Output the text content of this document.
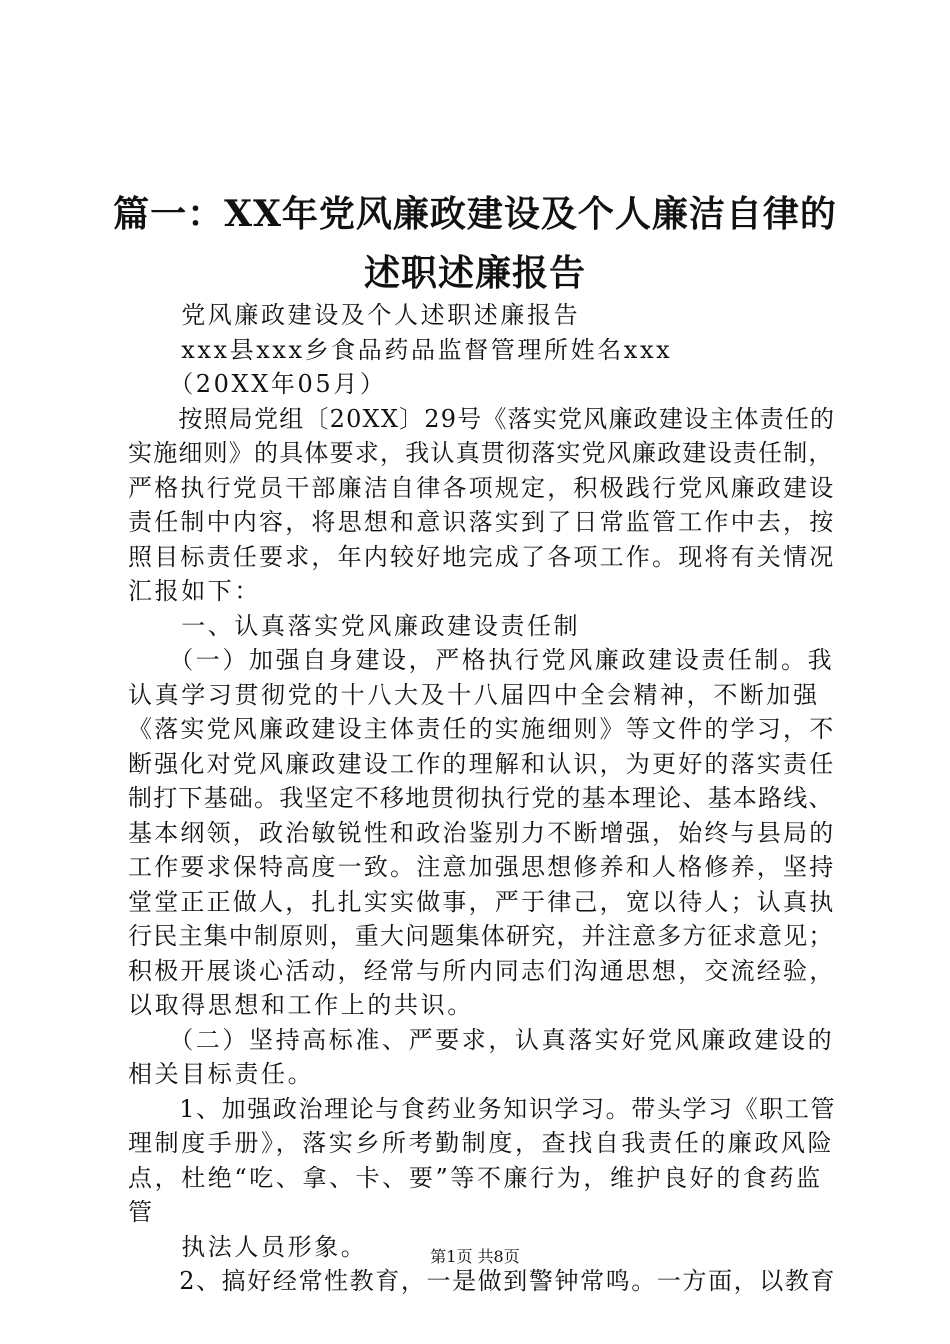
篇一：XX年党风廉政建设及个人廉洁自律的
述职述廉报告
　　党风廉政建设及个人述职述廉报告
　　xxx县xxx乡食品药品监督管理所姓名xxx
　　（20XX年05月）
　　按照局党组〔20XX〕29号《落实党风廉政建设主体责任的
实施细则》的具体要求，我认真贯彻落实党风廉政建设责任制，
严格执行党员干部廉洁自律各项规定，积极践行党风廉政建设
责任制中内容，将思想和意识落实到了日常监管工作中去，按
照目标责任要求，年内较好地完成了各项工作。现将有关情况
汇报如下：
　　一、认真落实党风廉政建设责任制
　　（一）加强自身建设，严格执行党风廉政建设责任制。我
认真学习贯彻党的十八大及十八届四中全会精神，不断加强
《落实党风廉政建设主体责任的实施细则》等文件的学习，不
断强化对党风廉政建设工作的理解和认识，为更好的落实责任
制打下基础。我坚定不移地贯彻执行党的基本理论、基本路线、
基本纲领，政治敏锐性和政治鉴别力不断增强，始终与县局的
工作要求保特高度一致。注意加强思想修养和人格修养，坚持
堂堂正正做人，扎扎实实做事，严于律己，宽以待人；认真执
行民主集中制原则，重大问题集体研究，并注意多方征求意见；
积极开展谈心活动，经常与所内同志们沟通思想，交流经验，
以取得思想和工作上的共识。
　　（二）坚持高标准、严要求，认真落实好党风廉政建设的
相关目标责任。
　　1、加强政治理论与食药业务知识学习。带头学习《职工管
理制度手册》，落实乡所考勤制度，查找自我责任的廉政风险
点，杜绝“吃、拿、卡、要”等不廉行为，维护良好的食药监
管
　　执法人员形象。
　　2、搞好经常性教育，一是做到警钟常鸣。一方面，以教育
第1页 共8页
